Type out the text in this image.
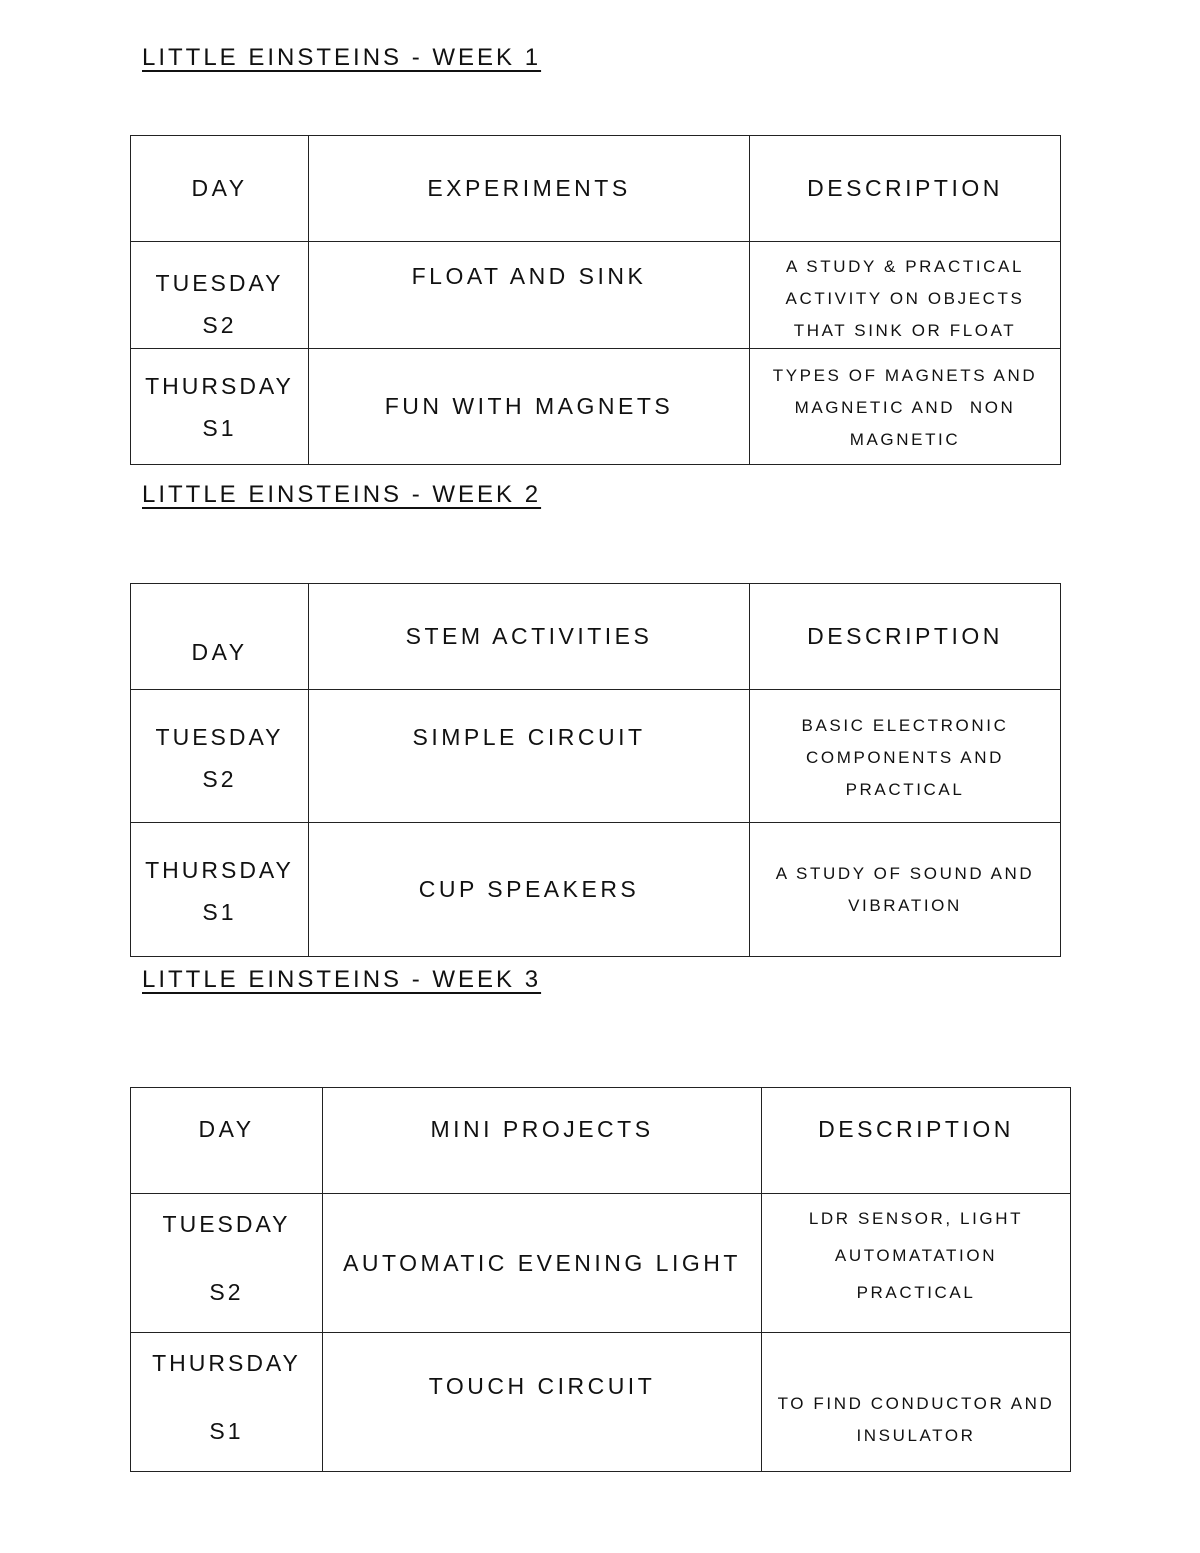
LITTLE EINSTEINS - WEEK 1
DAY	EXPERIMENTS	DESCRIPTION

TUESDAY
S2	FLOAT AND SINK	A STUDY & PRACTICAL
ACTIVITY ON OBJECTS
THAT SINK OR FLOAT

THURSDAY
S1	FUN WITH MAGNETS	TYPES OF MAGNETS AND
MAGNETIC AND  NON
MAGNETIC
LITTLE EINSTEINS - WEEK 2
DAY	STEM ACTIVITIES	DESCRIPTION

TUESDAY
S2	SIMPLE CIRCUIT	BASIC ELECTRONIC
COMPONENTS AND
PRACTICAL

THURSDAY
S1	CUP SPEAKERS	A STUDY OF SOUND AND
VIBRATION
LITTLE EINSTEINS - WEEK 3
DAY	MINI PROJECTS	DESCRIPTION

TUESDAY
S2	AUTOMATIC EVENING LIGHT	LDR SENSOR, LIGHT
AUTOMATATION
PRACTICAL

THURSDAY
S1	TOUCH CIRCUIT	TO FIND CONDUCTOR AND
INSULATOR
